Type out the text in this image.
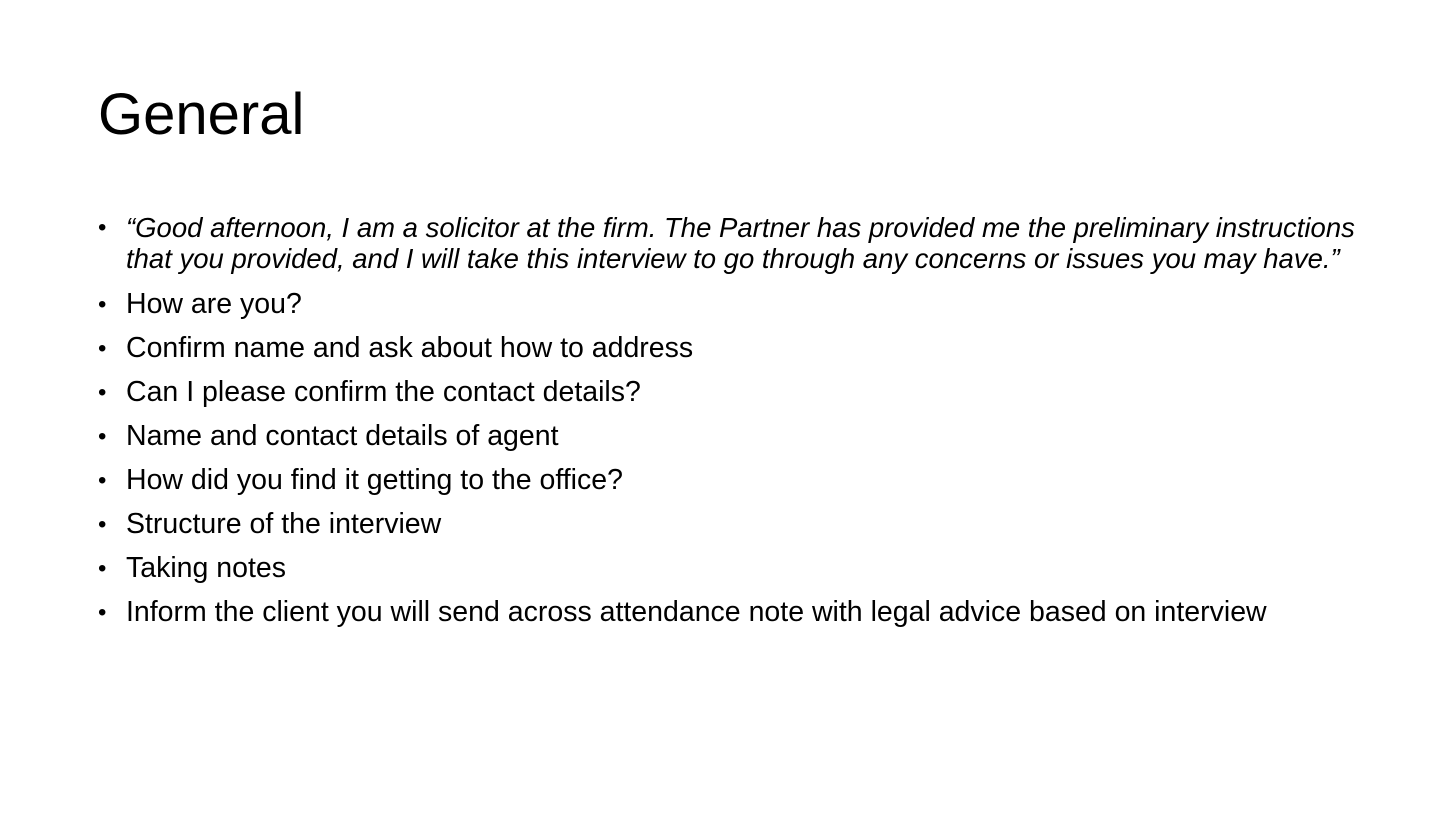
General
• “Good afternoon, I am a solicitor at the firm. The Partner has provided me the preliminary instructions that you provided, and I will take this interview to go through any concerns or issues you may have.”
• How are you?
• Confirm name and ask about how to address
• Can I please confirm the contact details?
• Name and contact details of agent
• How did you find it getting to the office?
• Structure of the interview
• Taking notes
• Inform the client you will send across attendance note with legal advice based on interview
